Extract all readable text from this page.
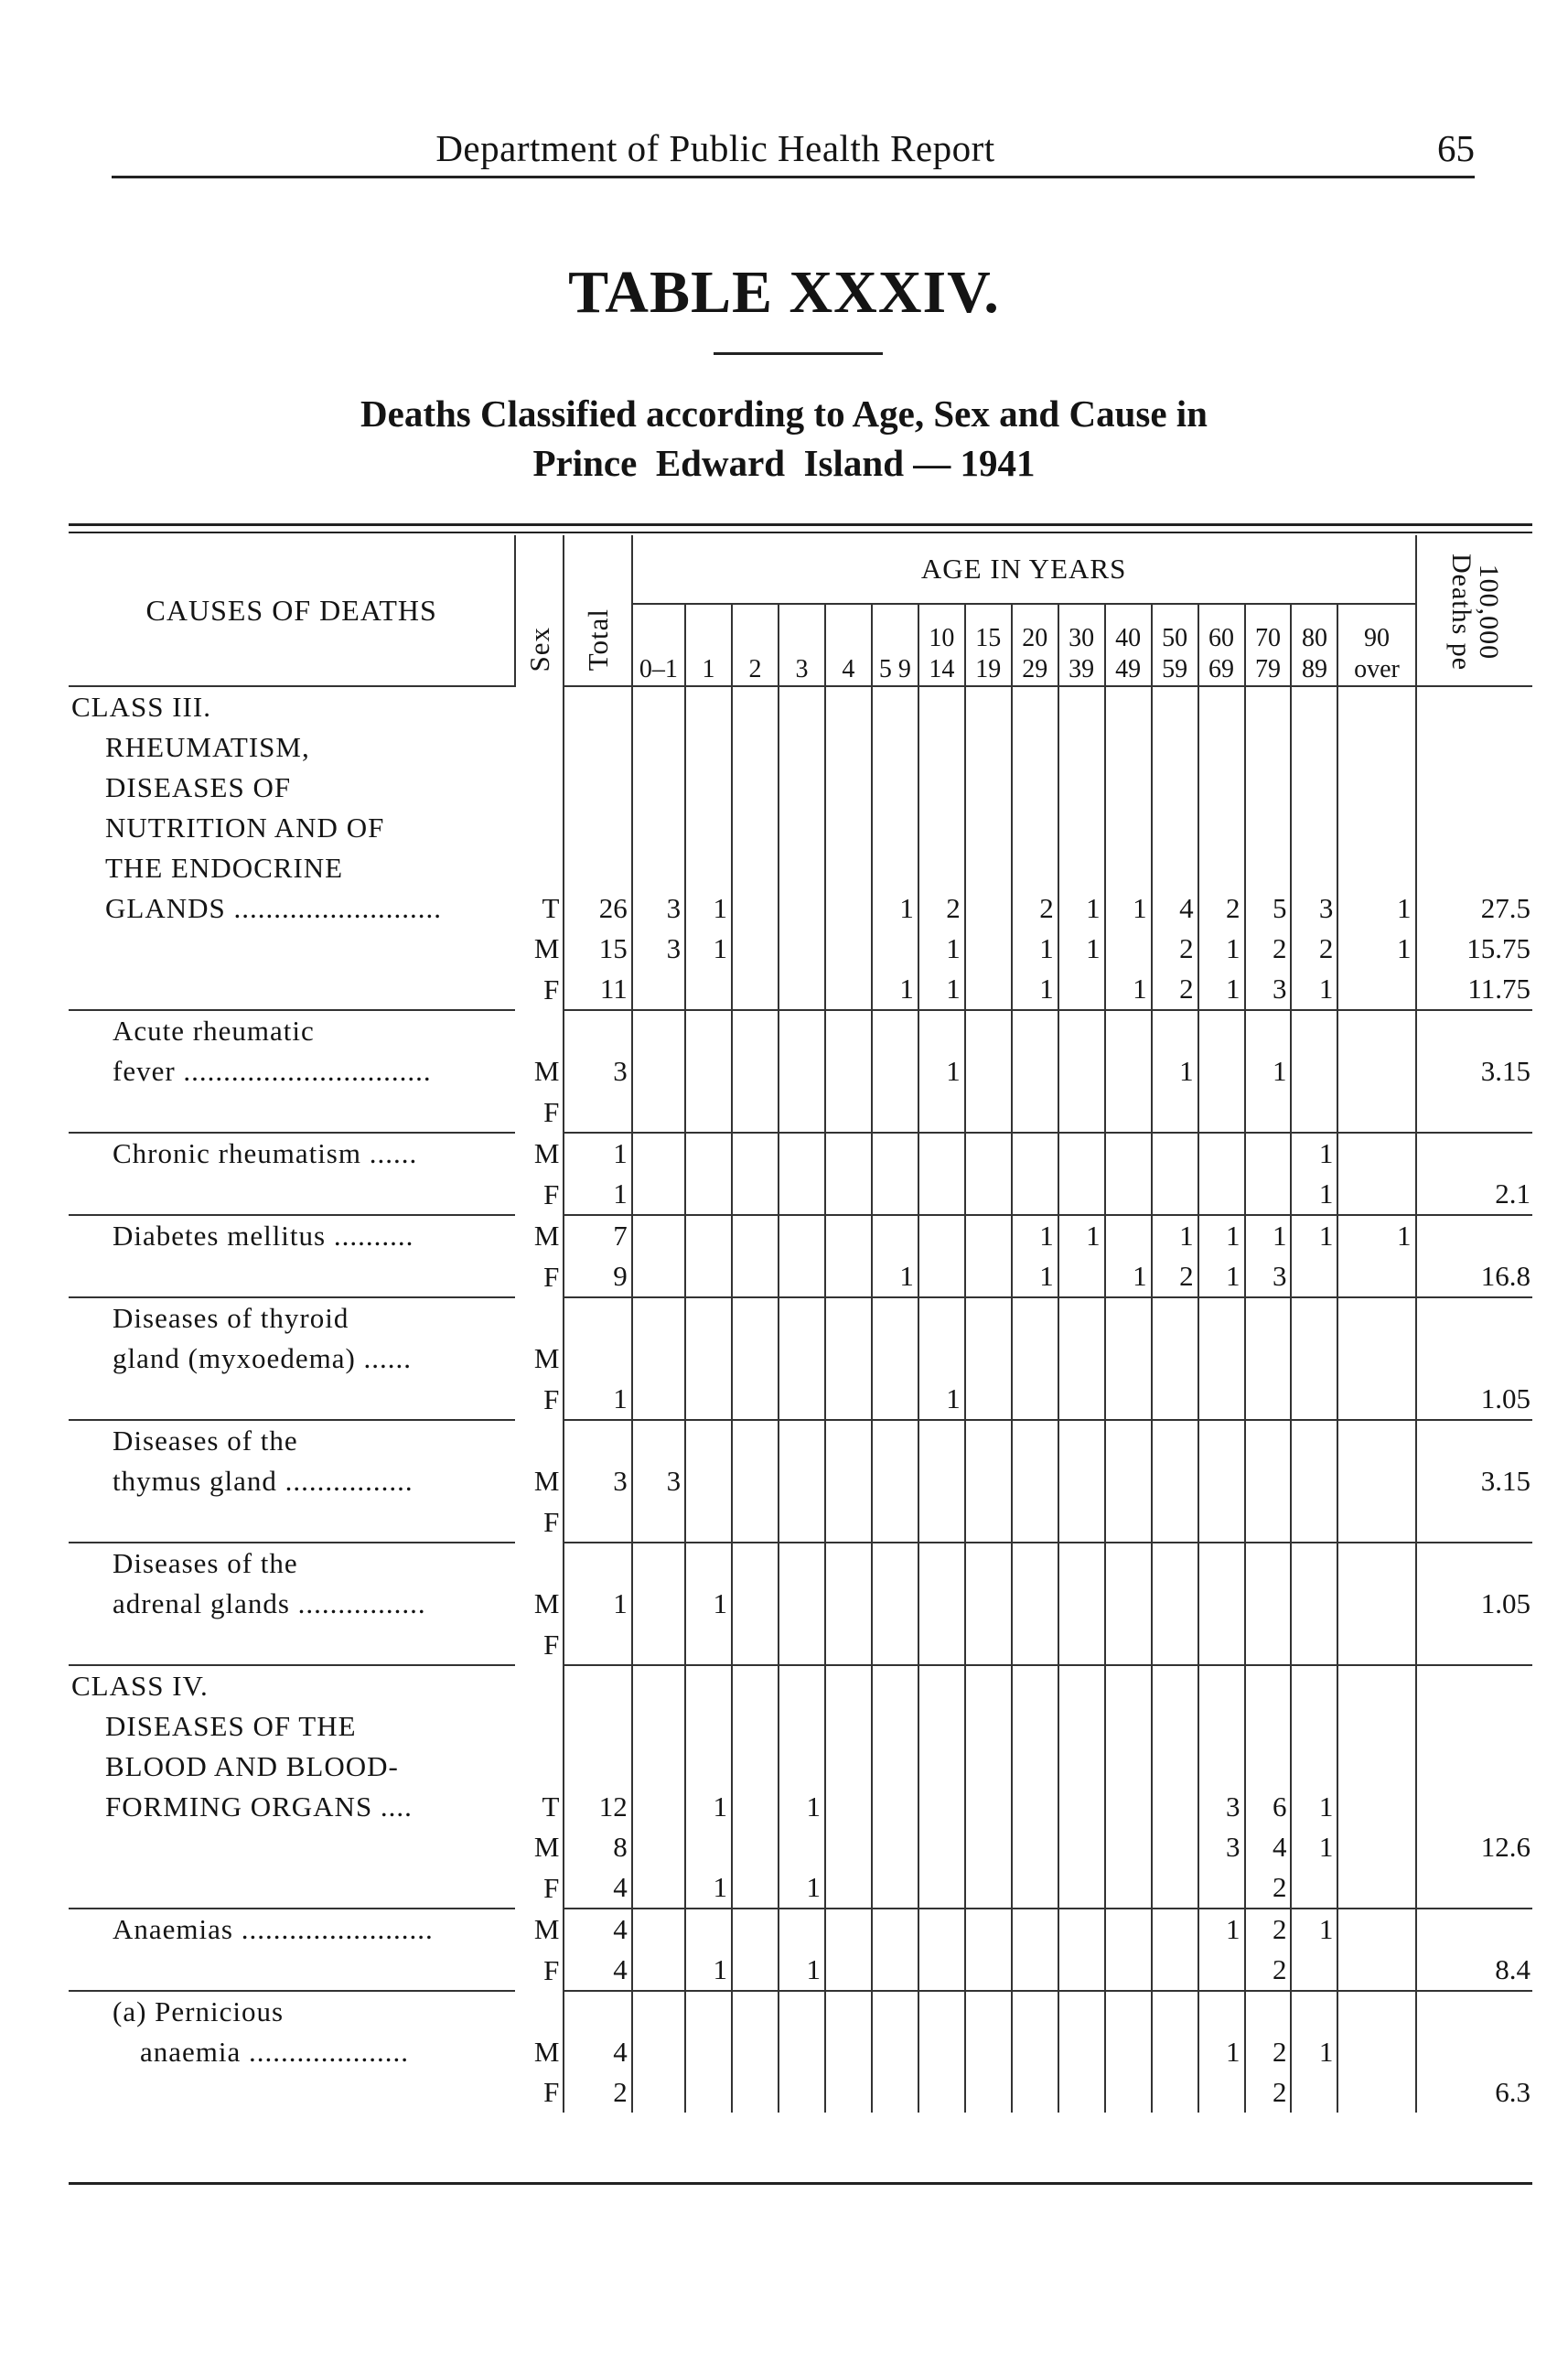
Department of Public Health Report	65
TABLE XXXIV.
Deaths Classified according to Age, Sex and Cause in
Prince  Edward  Island — 1941
CAUSES OF DEATHS	Sex	Total	AGE IN YEARS																Deaths pe
100,000
			0–1	1	2	3	4	5 9	10 14	15 19	20 29	30 39	40 49	50 59	60 69	70 79	80 89	90 over	
CLASS III.																			
RHEUMATISM,																			
DISEASES OF																			
NUTRITION AND OF																			
THE ENDOCRINE																			
GLANDS ..........................	T	26	3	1				1	2		2	1	1	4	2	5	3	1	27.5
	M	15	3	1					1		1	1		2	1	2	2	1	15.75
	F	11						1	1		1		1	2	1	3	1		11.75
Acute rheumatic																			
fever ...............................	M	3							1					1		1			3.15
	F																		
Chronic rheumatism ......	M	1															1		
	F	1															1		2.1
Diabetes mellitus ..........	M	7									1	1		1	1	1	1	1	
	F	9						1			1		1	2	1	3			16.8
Diseases of thyroid																			
gland (myxoedema) ......	M																		
	F	1							1										1.05
Diseases of the																			
thymus gland ................	M	3	3																3.15
	F																		
Diseases of the																			
adrenal glands ................	M	1		1															1.05
	F																		
CLASS IV.																			
DISEASES OF THE																			
BLOOD AND BLOOD-																			
FORMING ORGANS ....	T	12		1		1									3	6	1		
	M	8													3	4	1		12.6
	F	4		1		1										2			
Anaemias ........................	M	4													1	2	1		
	F	4		1		1										2			8.4
(a) Pernicious																			
anaemia ....................	M	4													1	2	1		
	F	2														2			6.3
